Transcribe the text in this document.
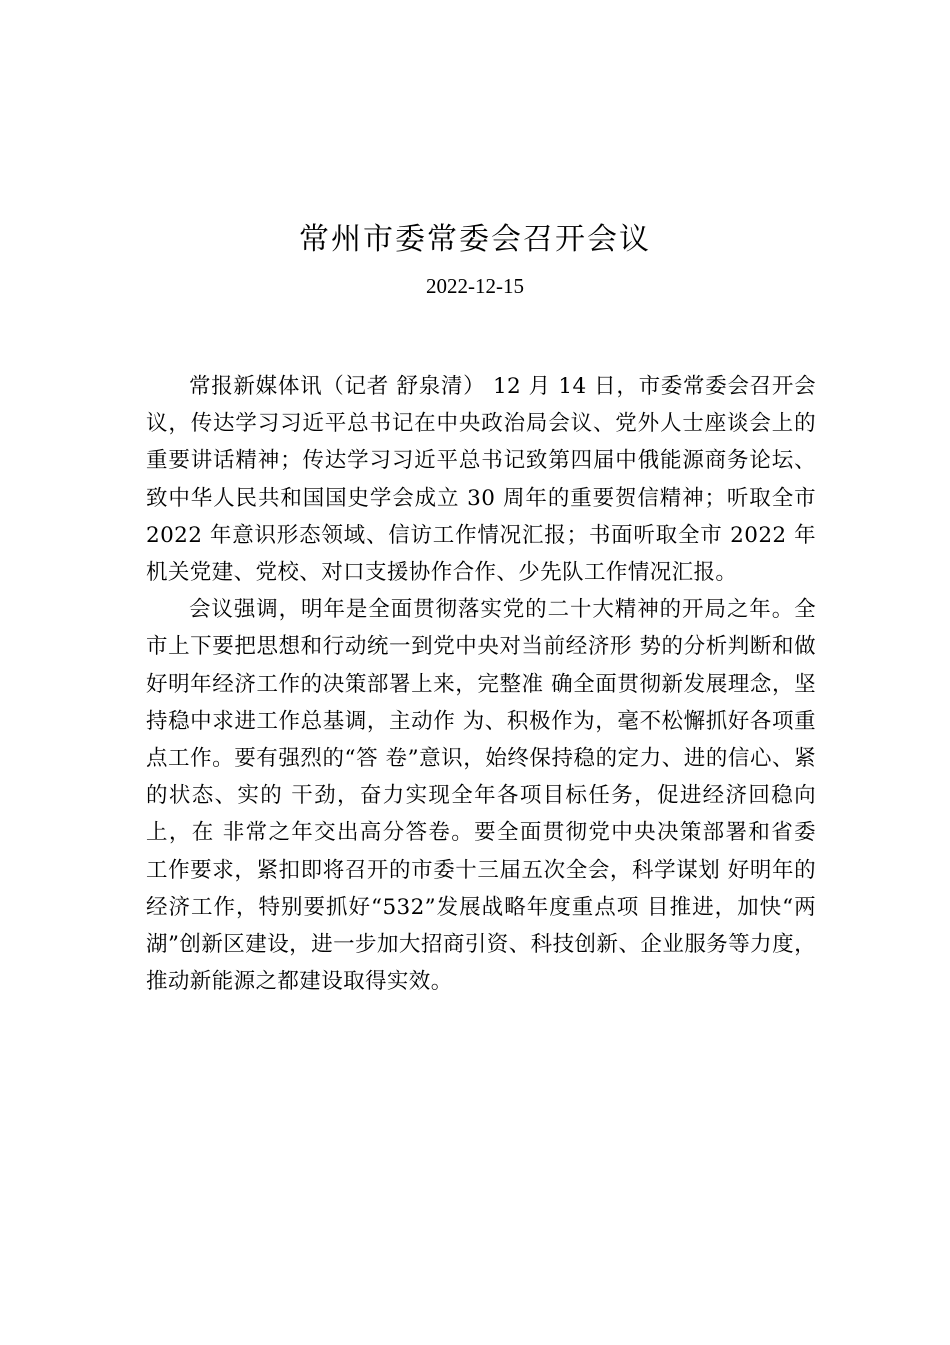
常州市委常委会召开会议
2022-12-15

常报新媒体讯（记者 舒泉清） 12 月 14 日，市委常委会召开会议，传达学习习近平总书记在中央政治局会议、党外人士座谈会上的重要讲话精神；传达学习习近平总书记致第四届中俄能源商务论坛、致中华人民共和国国史学会成立 30 周年的重要贺信精神；听取全市 2022 年意识形态领域、信访工作情况汇报；书面听取全市 2022 年机关党建、党校、对口支援协作合作、少先队工作情况汇报。

会议强调，明年是全面贯彻落实党的二十大精神的开局之年。全市上下要把思想和行动统一到党中央对当前经济形 势的分析判断和做好明年经济工作的决策部署上来，完整准 确全面贯彻新发展理念，坚持稳中求进工作总基调，主动作 为、积极作为，毫不松懈抓好各项重点工作。要有强烈的“答 卷”意识，始终保持稳的定力、进的信心、紧的状态、实的 干劲，奋力实现全年各项目标任务，促进经济回稳向上，在 非常之年交出高分答卷。要全面贯彻党中央决策部署和省委 工作要求，紧扣即将召开的市委十三届五次全会，科学谋划 好明年的经济工作，特别要抓好“532”发展战略年度重点项 目推进，加快“两湖”创新区建设，进一步加大招商引资、科技创新、企业服务等力度，推动新能源之都建设取得实效。
